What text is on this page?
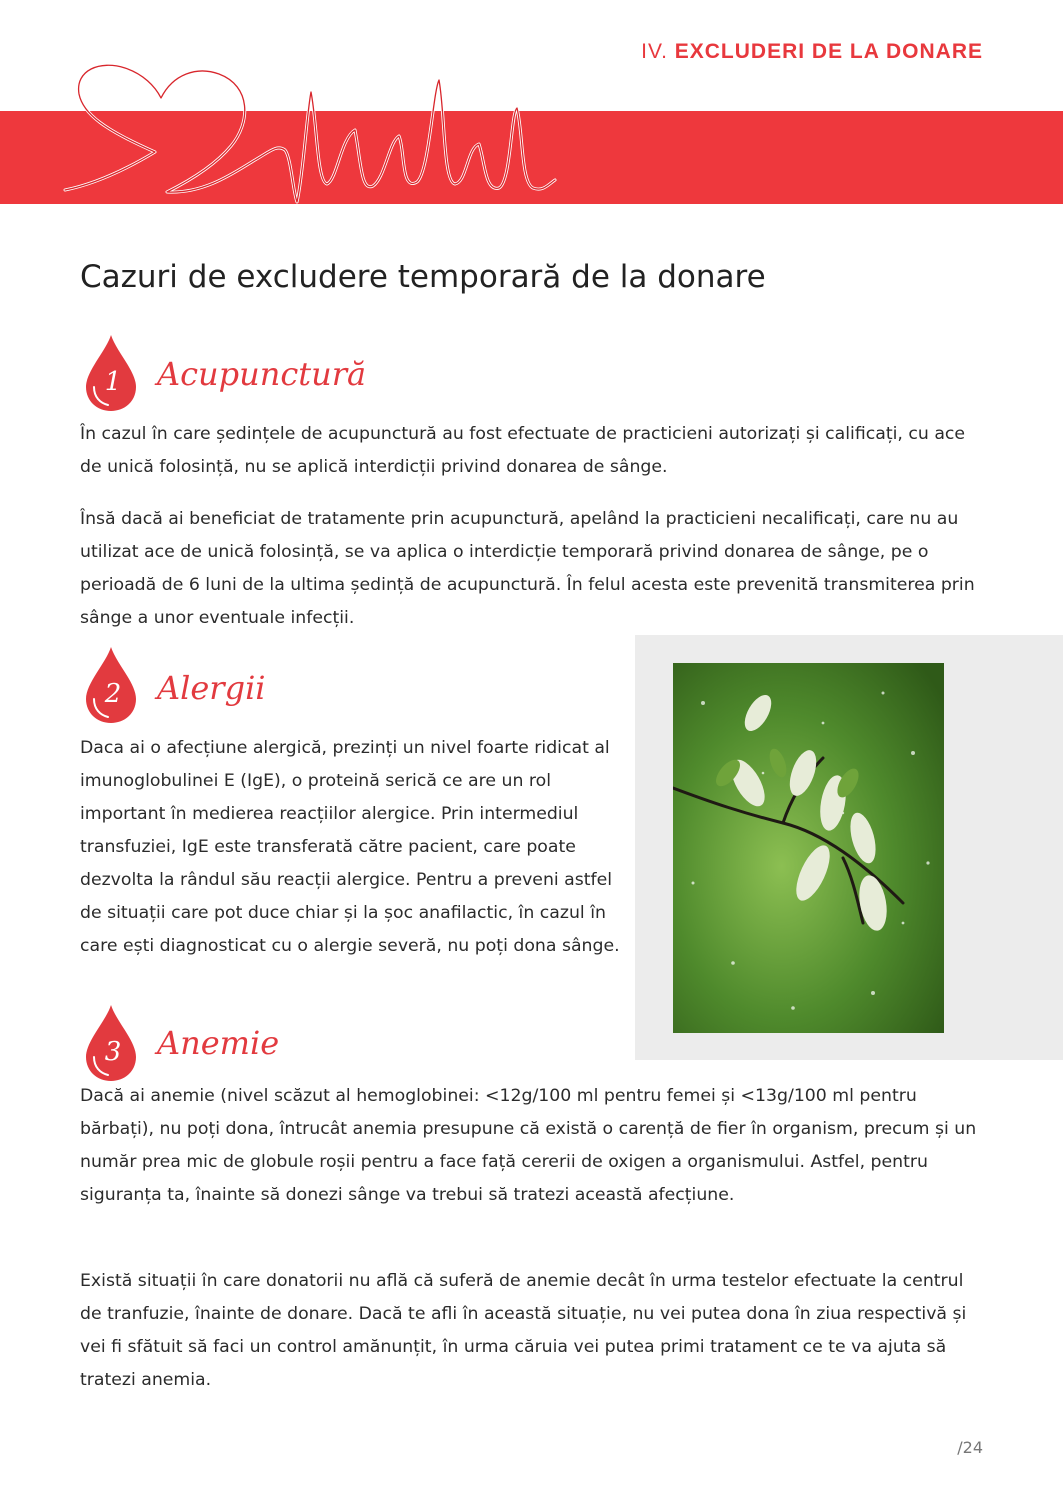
IV. EXCLUDERI DE LA DONARE
Cazuri de excludere temporară de la donare
1 Acupunctură

În cazul în care ședințele de acupunctură au fost efectuate de practicieni autorizați și calificați, cu ace de unică folosință, nu se aplică interdicții privind donarea de sânge.

Însă dacă ai beneficiat de tratamente prin acupunctură, apelând la practicieni necalificați, care nu au utilizat ace de unică folosință, se va aplica o interdicție temporară privind donarea de sânge, pe o perioadă de 6 luni de la ultima ședință de acupunctură. În felul acesta este prevenită transmiterea prin sânge a unor eventuale infecții.

2 Alergii

Daca ai o afecțiune alergică, prezinți un nivel foarte ridicat al imunoglobulinei E (IgE), o proteină serică ce are un rol important în medierea reacțiilor alergice. Prin intermediul transfuziei, IgE este transferată către pacient, care poate dezvolta la rândul său reacții alergice. Pentru a preveni astfel de situații care pot duce chiar și la șoc anafilactic, în cazul în care ești diagnosticat cu o alergie severă, nu poți dona sânge.

3 Anemie

Dacă ai anemie (nivel scăzut al hemoglobinei: <12g/100 ml pentru femei și <13g/100 ml pentru bărbați), nu poți dona, întrucât anemia presupune că există o carență de fier în organism, precum și un număr prea mic de globule roșii pentru a face față cererii de oxigen a organismului. Astfel, pentru siguranța ta, înainte să donezi sânge va trebui să tratezi această afecțiune.

Există situații în care donatorii nu află că suferă de anemie decât în urma testelor efectuate la centrul de tranfuzie, înainte de donare. Dacă te afli în această situație, nu vei putea dona în ziua respectivă și vei fi sfătuit să faci un control amănunțit, în urma căruia vei putea primi tratament ce te va ajuta să tratezi anemia.

/24
